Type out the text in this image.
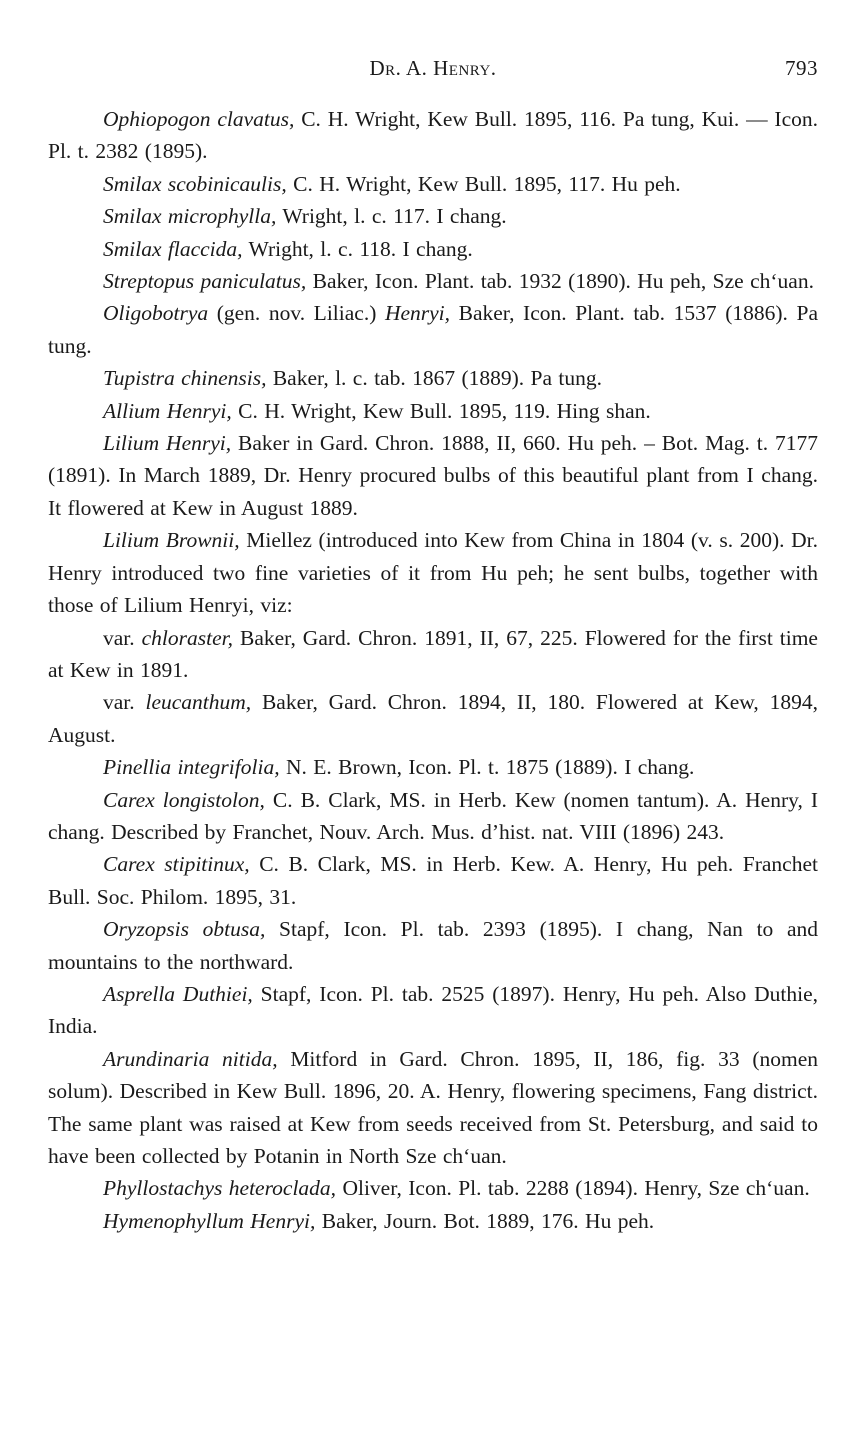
Dr. A. Henry.	793

Ophiopogon clavatus, C. H. Wright, Kew Bull. 1895, 116. Pa tung, Kui. — Icon. Pl. t. 2382 (1895).

Smilax scobinicaulis, C. H. Wright, Kew Bull. 1895, 117. Hu peh.

Smilax microphylla, Wright, l. c. 117. I chang.

Smilax flaccida, Wright, l. c. 118. I chang.

Streptopus paniculatus, Baker, Icon. Plant. tab. 1932 (1890). Hu peh, Sze ch‘uan.

Oligobotrya (gen. nov. Liliac.) Henryi, Baker, Icon. Plant. tab. 1537 (1886). Pa tung.

Tupistra chinensis, Baker, l. c. tab. 1867 (1889). Pa tung.

Allium Henryi, C. H. Wright, Kew Bull. 1895, 119. Hing shan.

Lilium Henryi, Baker in Gard. Chron. 1888, II, 660. Hu peh. – Bot. Mag. t. 7177 (1891). In March 1889, Dr. Henry procured bulbs of this beautiful plant from I chang. It flowered at Kew in August 1889.

Lilium Brownii, Miellez (introduced into Kew from China in 1804 (v. s. 200). Dr. Henry introduced two fine varieties of it from Hu peh; he sent bulbs, together with those of Lilium Henryi, viz:

var. chloraster, Baker, Gard. Chron. 1891, II, 67, 225. Flowered for the first time at Kew in 1891.

var. leucanthum, Baker, Gard. Chron. 1894, II, 180. Flowered at Kew, 1894, August.

Pinellia integrifolia, N. E. Brown, Icon. Pl. t. 1875 (1889). I chang.

Carex longistolon, C. B. Clark, MS. in Herb. Kew (nomen tantum). A. Henry, I chang. Described by Franchet, Nouv. Arch. Mus. d’hist. nat. VIII (1896) 243.

Carex stipitinux, C. B. Clark, MS. in Herb. Kew. A. Henry, Hu peh. Franchet Bull. Soc. Philom. 1895, 31.

Oryzopsis obtusa, Stapf, Icon. Pl. tab. 2393 (1895). I chang, Nan to and mountains to the northward.

Asprella Duthiei, Stapf, Icon. Pl. tab. 2525 (1897). Henry, Hu peh. Also Duthie, India.

Arundinaria nitida, Mitford in Gard. Chron. 1895, II, 186, fig. 33 (nomen solum). Described in Kew Bull. 1896, 20. A. Henry, flowering specimens, Fang district. The same plant was raised at Kew from seeds received from St. Petersburg, and said to have been collected by Potanin in North Sze ch‘uan.

Phyllostachys heteroclada, Oliver, Icon. Pl. tab. 2288 (1894). Henry, Sze ch‘uan.

Hymenophyllum Henryi, Baker, Journ. Bot. 1889, 176. Hu peh.
